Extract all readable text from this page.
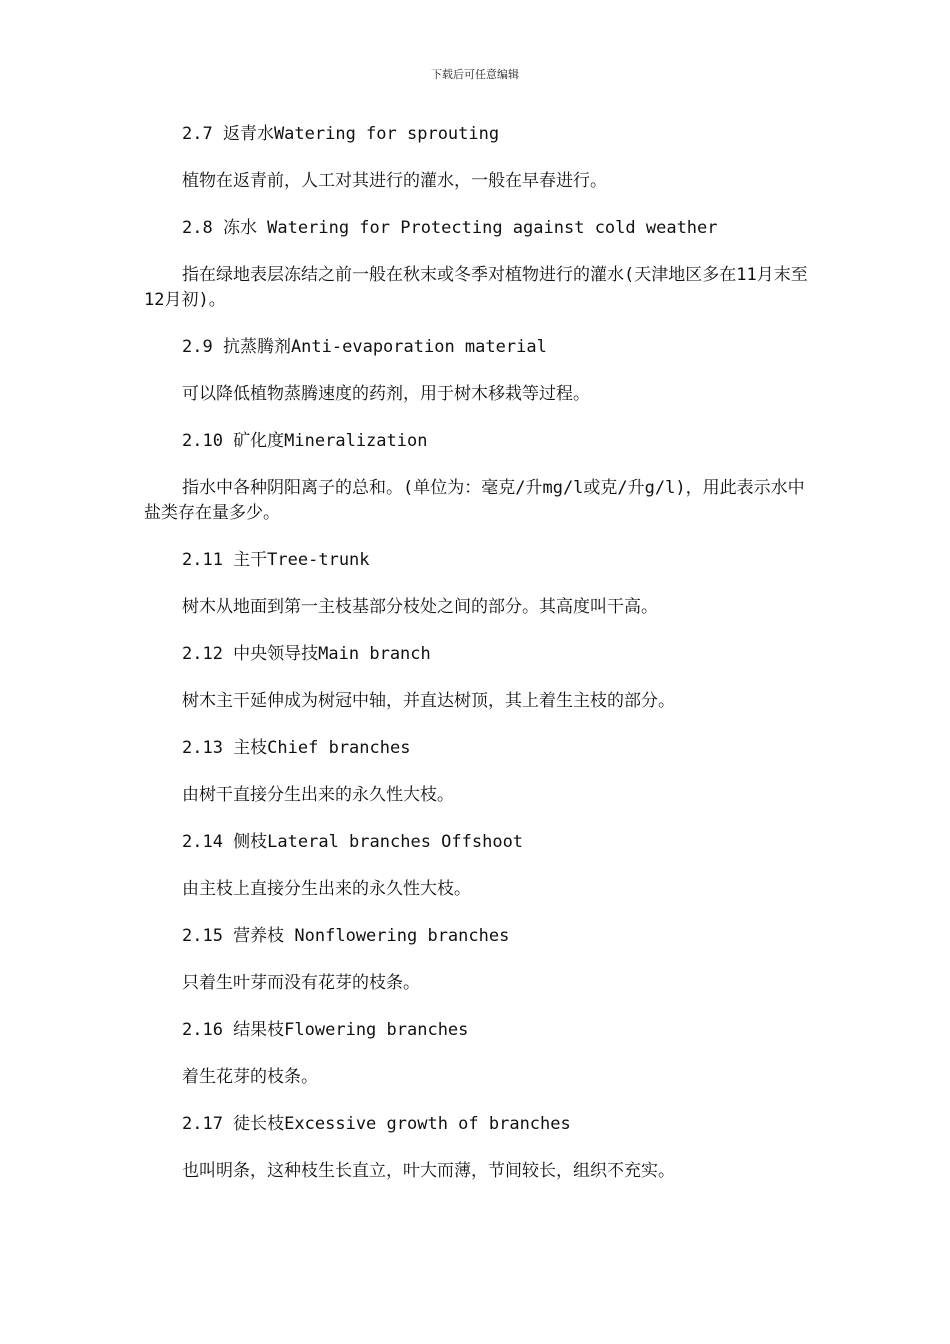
下载后可任意编辑

2.7 返青水Watering for sprouting

植物在返青前，人工对其进行的灌水，一般在早春进行。

2.8 冻水 Watering for Protecting against cold weather

指在绿地表层冻结之前一般在秋末或冬季对植物进行的灌水(天津地区多在11月末至12月初)。

2.9 抗蒸腾剂Anti-evaporation material

可以降低植物蒸腾速度的药剂，用于树木移栽等过程。

2.10 矿化度Mineralization

指水中各种阴阳离子的总和。(单位为：毫克/升mg/l或克/升g/l)，用此表示水中盐类存在量多少。

2.11 主干Tree-trunk

树木从地面到第一主枝基部分枝处之间的部分。其高度叫干高。

2.12 中央领导技Main branch

树木主干延伸成为树冠中轴，并直达树顶，其上着生主枝的部分。

2.13 主枝Chief branches

由树干直接分生出来的永久性大枝。

2.14 侧枝Lateral branches Offshoot

由主枝上直接分生出来的永久性大枝。

2.15 营养枝 Nonflowering branches

只着生叶芽而没有花芽的枝条。

2.16 结果枝Flowering branches

着生花芽的枝条。

2.17 徒长枝Excessive growth of branches

也叫明条，这种枝生长直立，叶大而薄，节间较长，组织不充实。
